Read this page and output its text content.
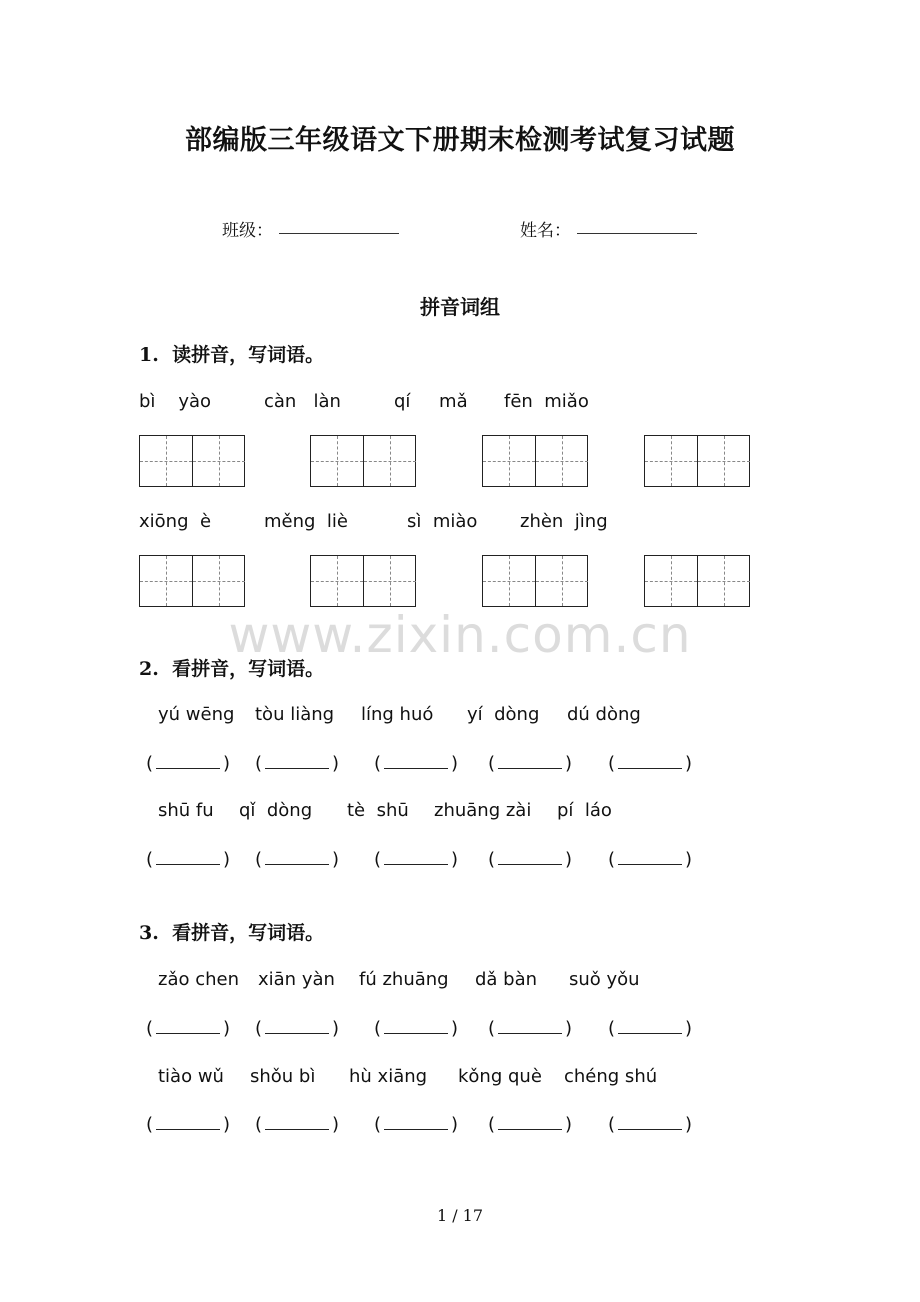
部编版三年级语文下册期末检测考试复习试题
班级：	姓名：
拼音词组
1.  读拼音，写词语。
bì    yào	càn   làn	qí     mǎ fēn  miǎo
xiōng  è	měng  liè	sì  miào zhèn  jìng
www.zixin.com.cn
2.  看拼音，写词语。
yú wēng tòu liàng líng huó yí  dòng dú dòng
(	) (	) (	) (	) (	)
shū fu qǐ  dòng tè  shū zhuāng zài pí  láo
(	) (	) (	) (	) (	)
3.  看拼音，写词语。
zǎo chen xiān yàn fú zhuāng dǎ bàn suǒ yǒu
(	) (	) (	) (	) (	)
tiào wǔ shǒu bì hù xiāng kǒng què chéng shú
(	) (	) (	) (	) (	)
1 / 17
